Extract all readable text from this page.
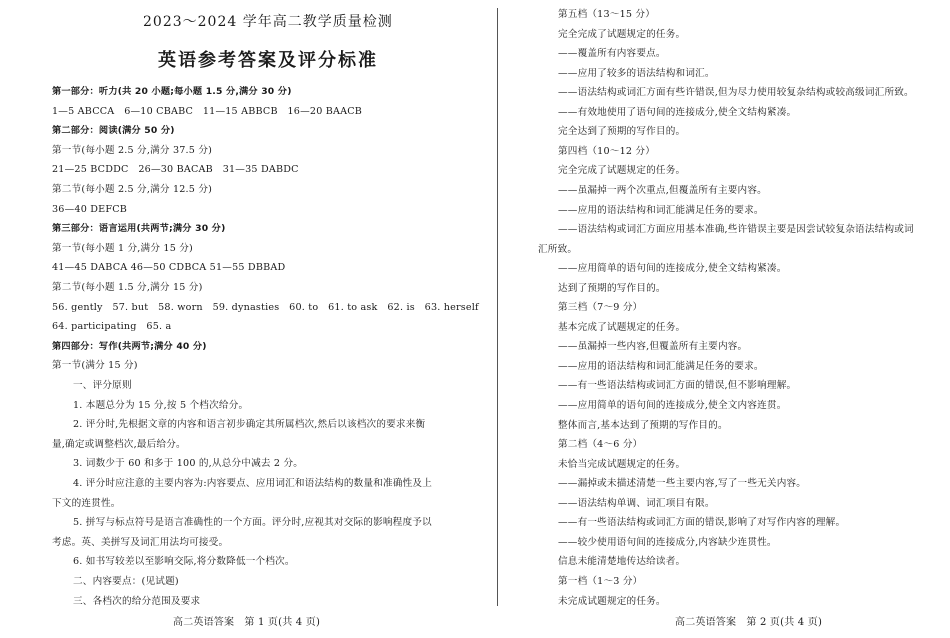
2023～2024 学年高二教学质量检测
英语参考答案及评分标准
第一部分：听力(共 20 小题;每小题 1.5 分,满分 30 分)
1—5 ABCCA　6—10 CBABC　11—15 ABBCB　16—20 BAACB
第二部分：阅读(满分 50 分)
第一节(每小题 2.5 分,满分 37.5 分)
21—25 BCDDC　26—30 BACAB　31—35 DABDC
第二节(每小题 2.5 分,满分 12.5 分)
36—40 DEFCB
第三部分：语言运用(共两节;满分 30 分)
第一节(每小题 1 分,满分 15 分)
41—45 DABCA 46—50 CDBCA 51—55 DBBAD
第二节(每小题 1.5 分,满分 15 分)
56. gently　57. but　58. worn　59. dynasties　60. to　61. to ask　62. is　63. herself
64. participating　65. a
第四部分：写作(共两节;满分 40 分)
第一节(满分 15 分)
一、评分原则
1. 本题总分为 15 分,按 5 个档次给分。
2. 评分时,先根据文章的内容和语言初步确定其所属档次,然后以该档次的要求来衡
量,确定或调整档次,最后给分。
3. 词数少于 60 和多于 100 的,从总分中减去 2 分。
4. 评分时应注意的主要内容为:内容要点、应用词汇和语法结构的数量和准确性及上
下文的连贯性。
5. 拼写与标点符号是语言准确性的一个方面。评分时,应视其对交际的影响程度予以
考虑。英、美拼写及词汇用法均可接受。
6. 如书写较差以至影响交际,将分数降低一个档次。
二、内容要点：(见试题)
三、各档次的给分范围及要求
高二英语答案　第 1 页(共 4 页)
第五档（13～15 分）
完全完成了试题规定的任务。
——覆盖所有内容要点。
——应用了较多的语法结构和词汇。
——语法结构或词汇方面有些许错误,但为尽力使用较复杂结构或较高级词汇所致。
——有效地使用了语句间的连接成分,使全文结构紧凑。
完全达到了预期的写作目的。
第四档（10～12 分）
完全完成了试题规定的任务。
——虽漏掉一两个次重点,但覆盖所有主要内容。
——应用的语法结构和词汇能满足任务的要求。
——语法结构或词汇方面应用基本准确,些许错误主要是因尝试较复杂语法结构或词
汇所致。
——应用简单的语句间的连接成分,使全文结构紧凑。
达到了预期的写作目的。
第三档（7～9 分）
基本完成了试题规定的任务。
——虽漏掉一些内容,但覆盖所有主要内容。
——应用的语法结构和词汇能满足任务的要求。
——有一些语法结构或词汇方面的错误,但不影响理解。
——应用简单的语句间的连接成分,使全文内容连贯。
整体而言,基本达到了预期的写作目的。
第二档（4～6 分）
未恰当完成试题规定的任务。
——漏掉或未描述清楚一些主要内容,写了一些无关内容。
——语法结构单调、词汇项目有限。
——有一些语法结构或词汇方面的错误,影响了对写作内容的理解。
——较少使用语句间的连接成分,内容缺少连贯性。
信息未能清楚地传达给读者。
第一档（1～3 分）
未完成试题规定的任务。
高二英语答案　第 2 页(共 4 页)
